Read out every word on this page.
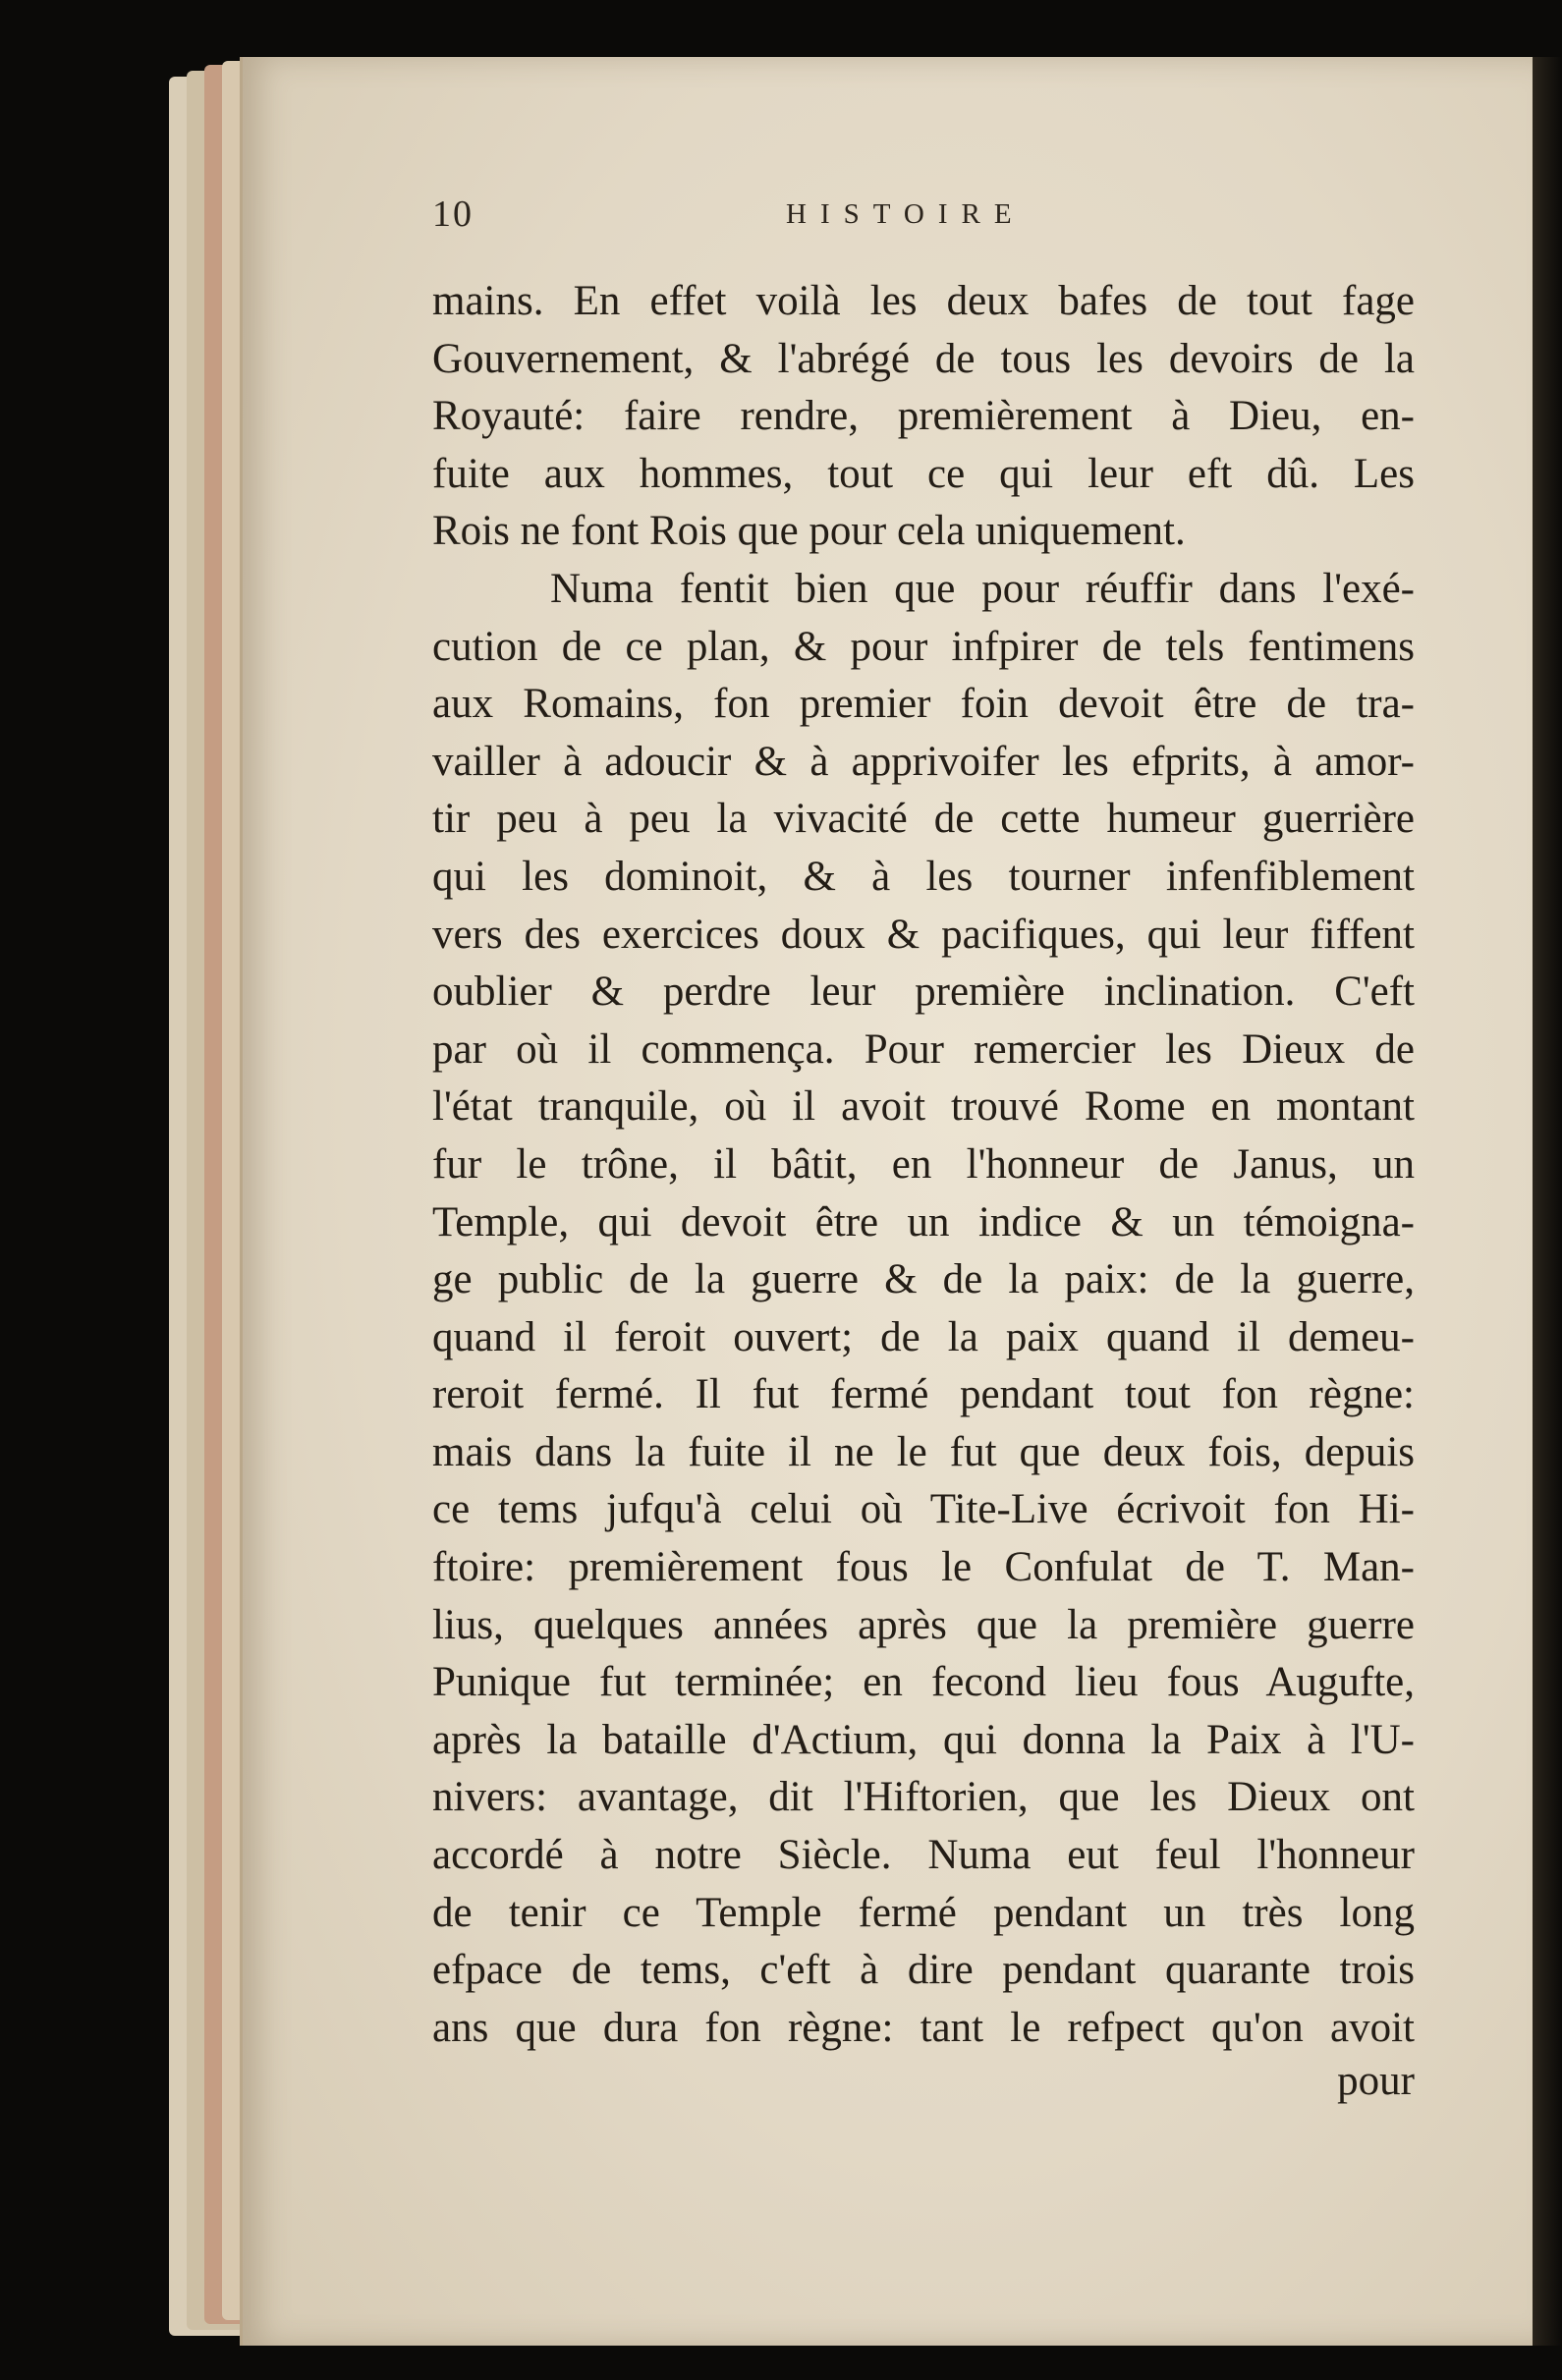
10	HISTOIRE
mains. En effet voilà les deux bafes de tout fage
Gouvernement, & l'abrégé de tous les devoirs de la
Royauté: faire rendre, premièrement à Dieu, en-
fuite aux hommes, tout ce qui leur eft dû. Les
Rois ne font Rois que pour cela uniquement.
Numa fentit bien que pour réuffir dans l'exé-
cution de ce plan, & pour infpirer de tels fentimens
aux Romains, fon premier foin devoit être de tra-
vailler à adoucir & à apprivoifer les efprits, à amor-
tir peu à peu la vivacité de cette humeur guerrière
qui les dominoit, & à les tourner infenfiblement
vers des exercices doux & pacifiques, qui leur fiffent
oublier & perdre leur première inclination. C'eft
par où il commença. Pour remercier les Dieux de
l'état tranquile, où il avoit trouvé Rome en montant
fur le trône, il bâtit, en l'honneur de Janus, un
Temple, qui devoit être un indice & un témoigna-
ge public de la guerre & de la paix: de la guerre,
quand il feroit ouvert; de la paix quand il demeu-
reroit fermé. Il fut fermé pendant tout fon règne:
mais dans la fuite il ne le fut que deux fois, depuis
ce tems jufqu'à celui où Tite-Live écrivoit fon Hi-
ftoire: premièrement fous le Confulat de T. Man-
lius, quelques années après que la première guerre
Punique fut terminée; en fecond lieu fous Augufte,
après la bataille d'Actium, qui donna la Paix à l'U-
nivers: avantage, dit l'Hiftorien, que les Dieux ont
accordé à notre Siècle. Numa eut feul l'honneur
de tenir ce Temple fermé pendant un très long
efpace de tems, c'eft à dire pendant quarante trois
ans que dura fon règne: tant le refpect qu'on avoit
pour
